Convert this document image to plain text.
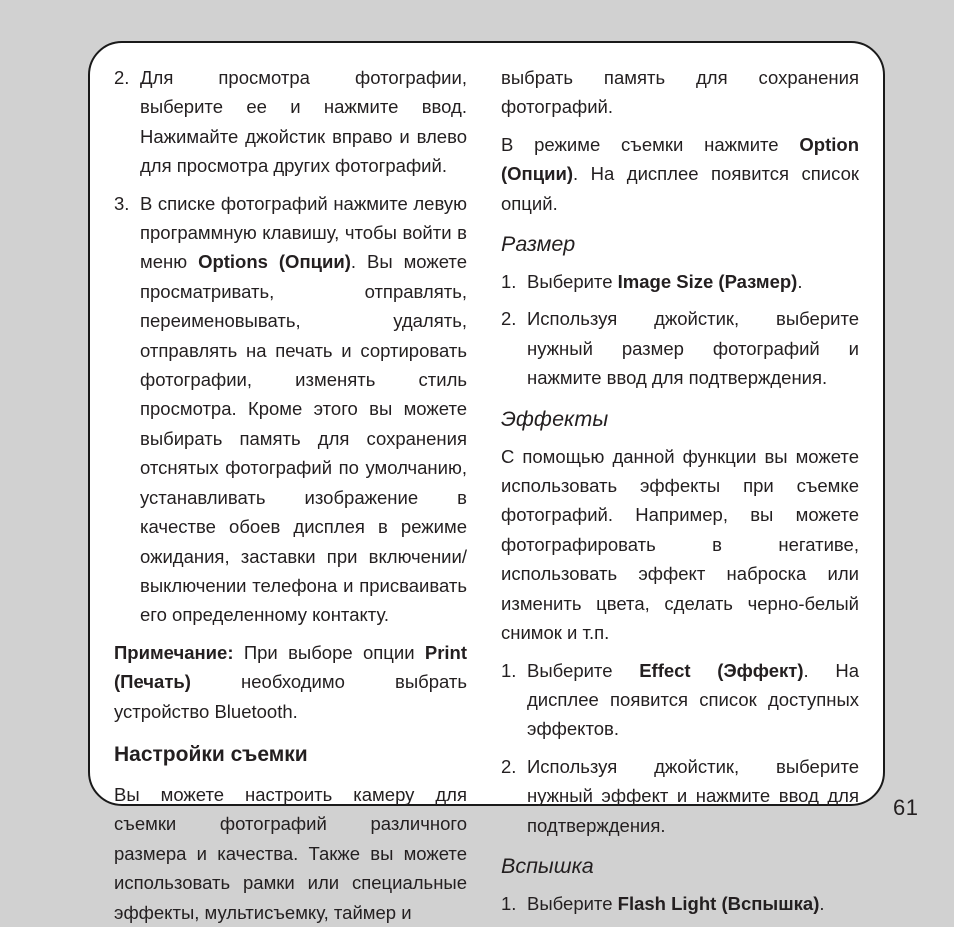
2. Для просмотра фотографии, выберите ее и нажмите ввод. Нажимайте джойстик вправо и влево для просмотра других фотографий.
3. В списке фотографий нажмите левую программную клавишу, чтобы войти в меню Options (Опции). Вы можете просматривать, отправлять, переименовывать, удалять, отправлять на печать и сортировать фотографии, изменять стиль просмотра. Кроме этого вы можете выбирать память для сохранения отснятых фотографий по умолчанию, устанавливать изображение в качестве обоев дисплея в режиме ожидания, заставки при включении/выключении телефона и присваивать его определенному контакту.

Примечание: При выборе опции Print (Печать) необходимо выбрать устройство Bluetooth.

Настройки съемки

Вы можете настроить камеру для съемки фотографий различного размера и качества. Также вы можете использовать рамки или специальные эффекты, мультисъемку, таймер и

выбрать память для сохранения фотографий.

В режиме съемки нажмите Option (Опции). На дисплее появится список опций.

Размер
1. Выберите Image Size (Размер).
2. Используя джойстик, выберите нужный размер фотографий и нажмите ввод для подтверждения.
Эффекты

С помощью данной функции вы можете использовать эффекты при съемке фотографий. Например, вы можете фотографировать в негативе, использовать эффект наброска или изменить цвета, сделать черно-белый снимок и т.п.

1. Выберите Effect (Эффект). На дисплее появится список доступных эффектов.
2. Используя джойстик, выберите нужный эффект и нажмите ввод для подтверждения.
Вспышка
1. Выберите Flash Light (Вспышка).
61
